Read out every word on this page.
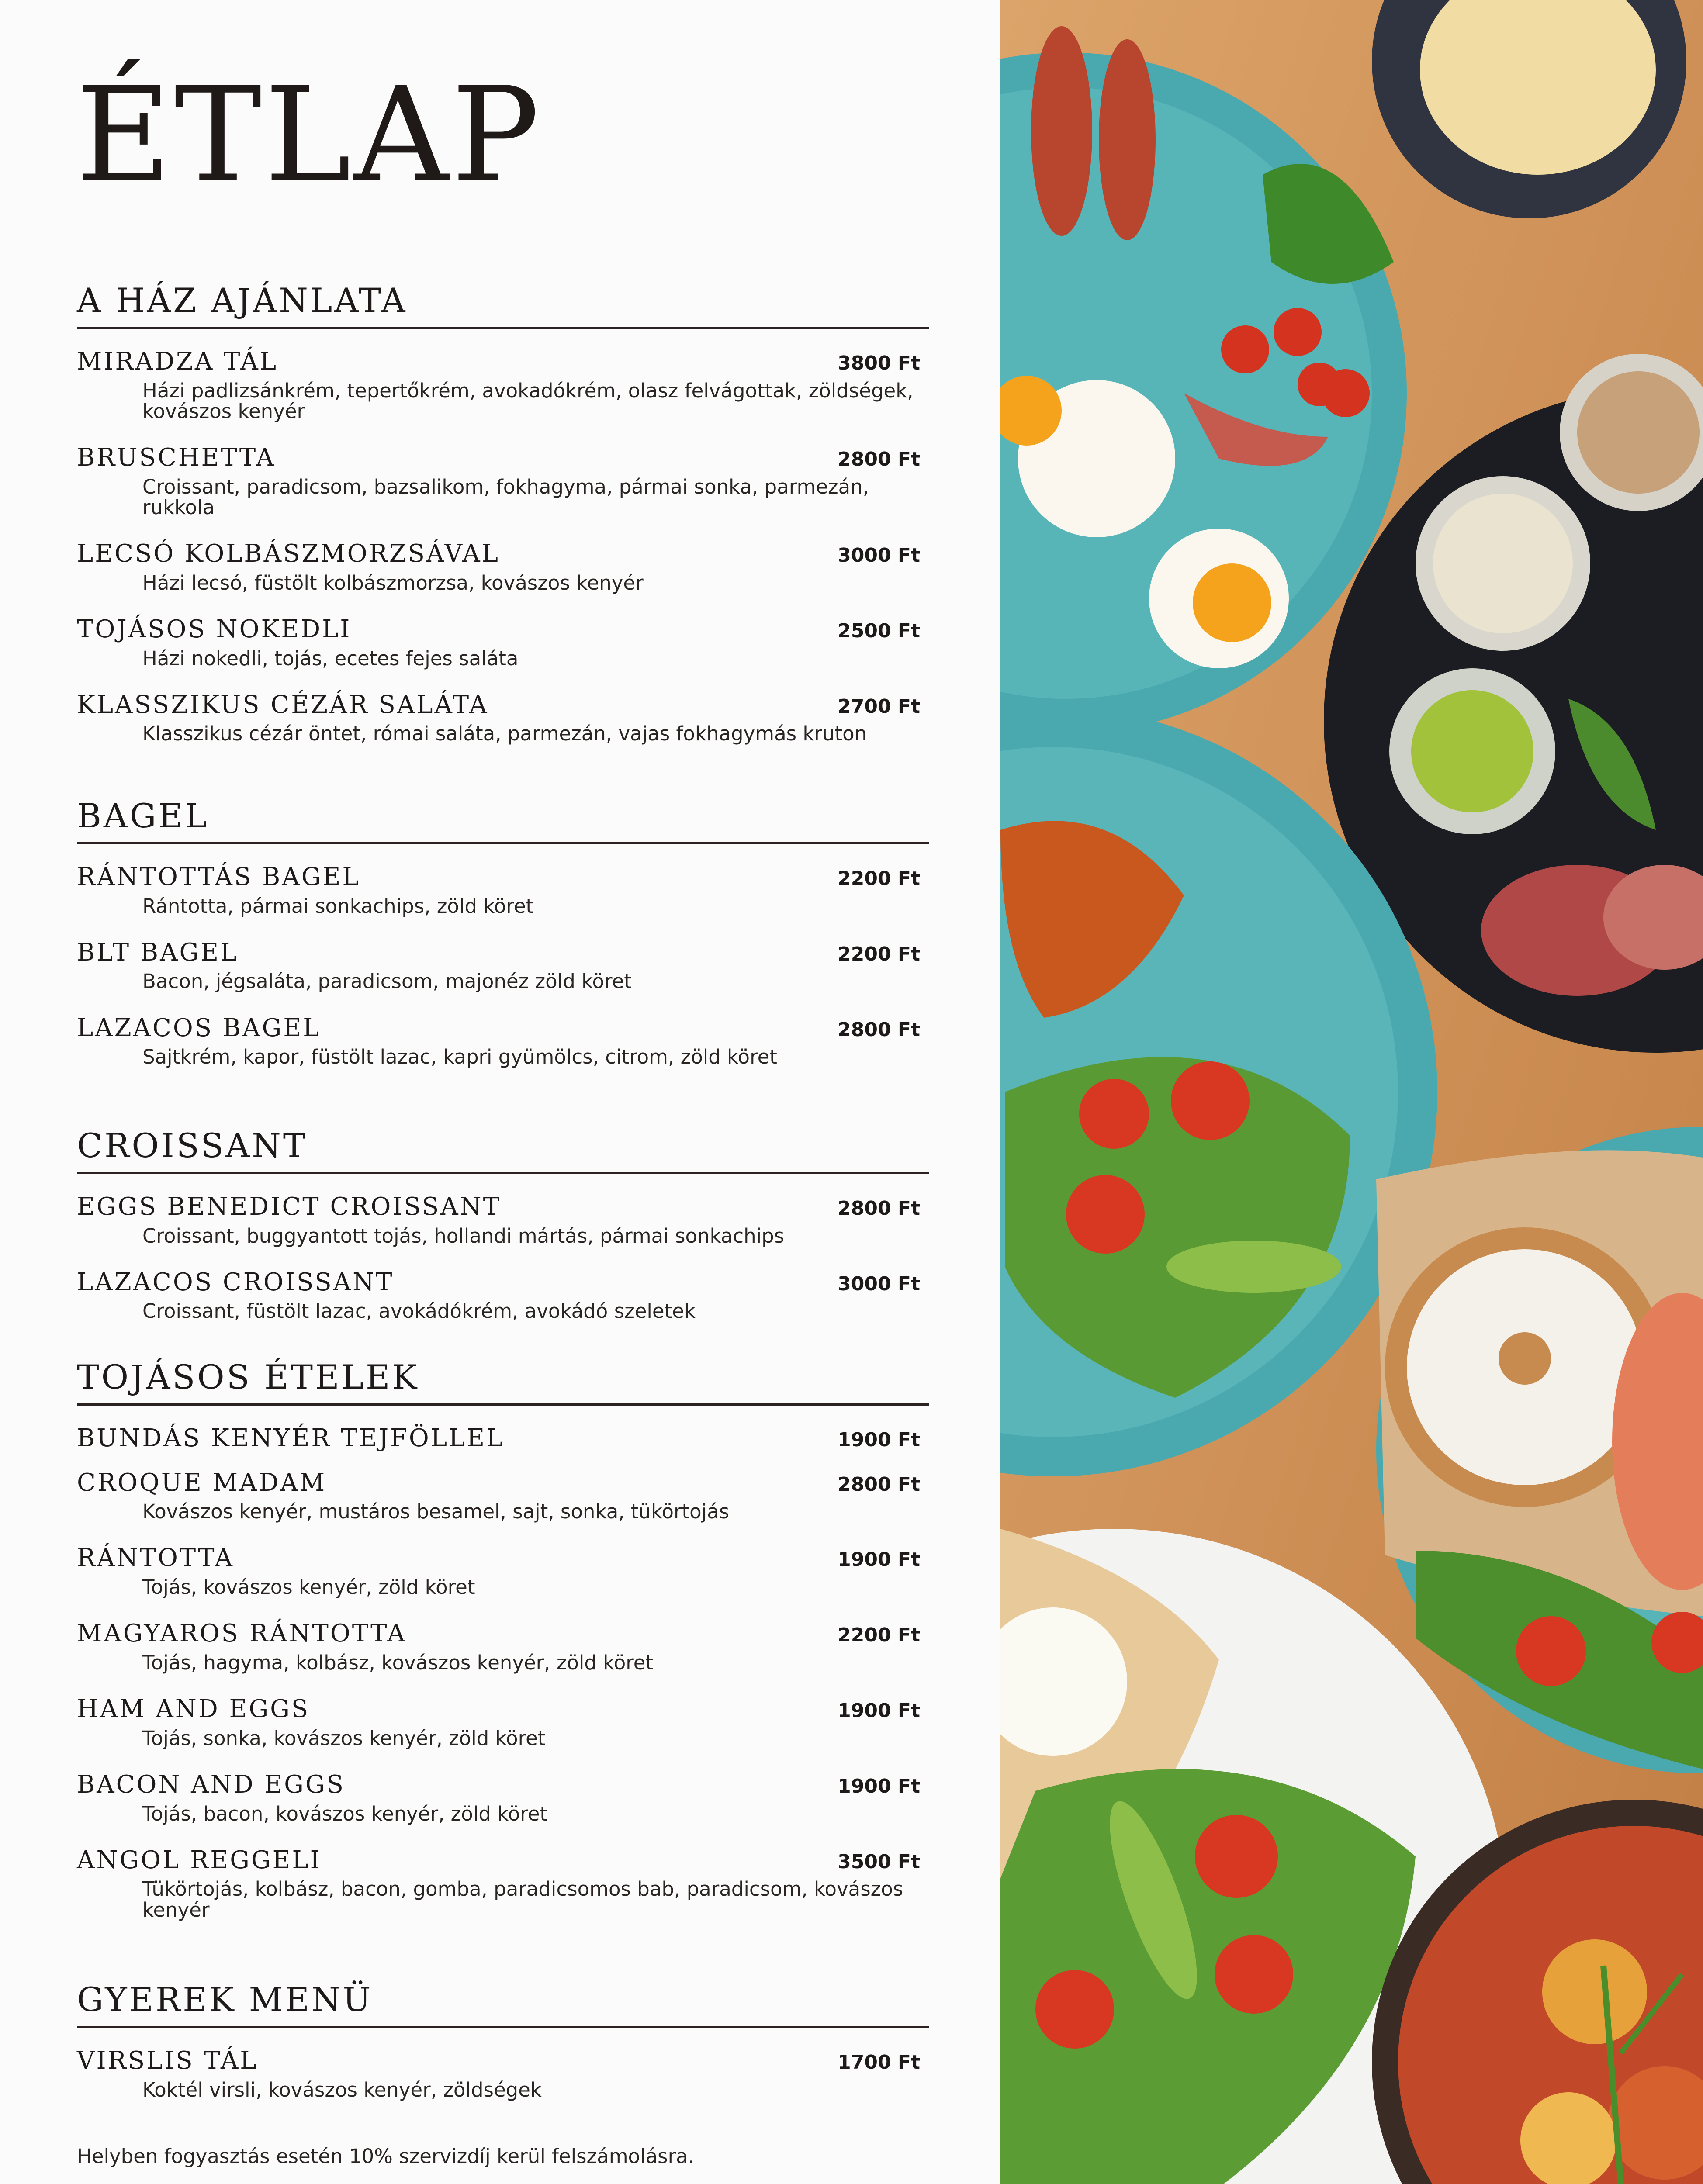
ÉTLAP
A HÁZ AJÁNLATA
MIRADZA TÁL	3800 Ft
Házi padlizsánkrém, tepertőkrém, avokadókrém, olasz felvágottak, zöldségek, kovászos kenyér
BRUSCHETTA	2800 Ft
Croissant, paradicsom, bazsalikom, fokhagyma, pármai sonka, parmezán, rukkola
LECSÓ KOLBÁSZMORZSÁVAL	3000 Ft
Házi lecsó, füstölt kolbászmorzsa, kovászos kenyér
TOJÁSOS NOKEDLI	2500 Ft
Házi nokedli, tojás, ecetes fejes saláta
KLASSZIKUS CÉZÁR SALÁTA	2700 Ft
Klasszikus cézár öntet, római saláta, parmezán, vajas fokhagymás kruton
BAGEL
RÁNTOTTÁS BAGEL	2200 Ft
Rántotta, pármai sonkachips, zöld köret
BLT BAGEL	2200 Ft
Bacon, jégsaláta, paradicsom, majonéz zöld köret
LAZACOS BAGEL	2800 Ft
Sajtkrém, kapor, füstölt lazac, kapri gyümölcs, citrom, zöld köret
CROISSANT
EGGS BENEDICT CROISSANT	2800 Ft
Croissant, buggyantott tojás, hollandi mártás, pármai sonkachips
LAZACOS CROISSANT	3000 Ft
Croissant, füstölt lazac, avokádókrém, avokádó szeletek
TOJÁSOS ÉTELEK
BUNDÁS KENYÉR TEJFÖLLEL	1900 Ft
CROQUE MADAM	2800 Ft
Kovászos kenyér, mustáros besamel, sajt, sonka, tükörtojás
RÁNTOTTA	1900 Ft
Tojás, kovászos kenyér, zöld köret
MAGYAROS RÁNTOTTA	2200 Ft
Tojás, hagyma, kolbász, kovászos kenyér, zöld köret
HAM AND EGGS	1900 Ft
Tojás, sonka, kovászos kenyér, zöld köret
BACON AND EGGS	1900 Ft
Tojás, bacon, kovászos kenyér, zöld köret
ANGOL REGGELI	3500 Ft
Tükörtojás, kolbász, bacon, gomba, paradicsomos bab, paradicsom, kovászos kenyér
GYEREK MENÜ
VIRSLIS TÁL	1700 Ft
Koktél virsli, kovászos kenyér, zöldségek
Helyben fogyasztás esetén 10% szervizdíj kerül felszámolásra.
